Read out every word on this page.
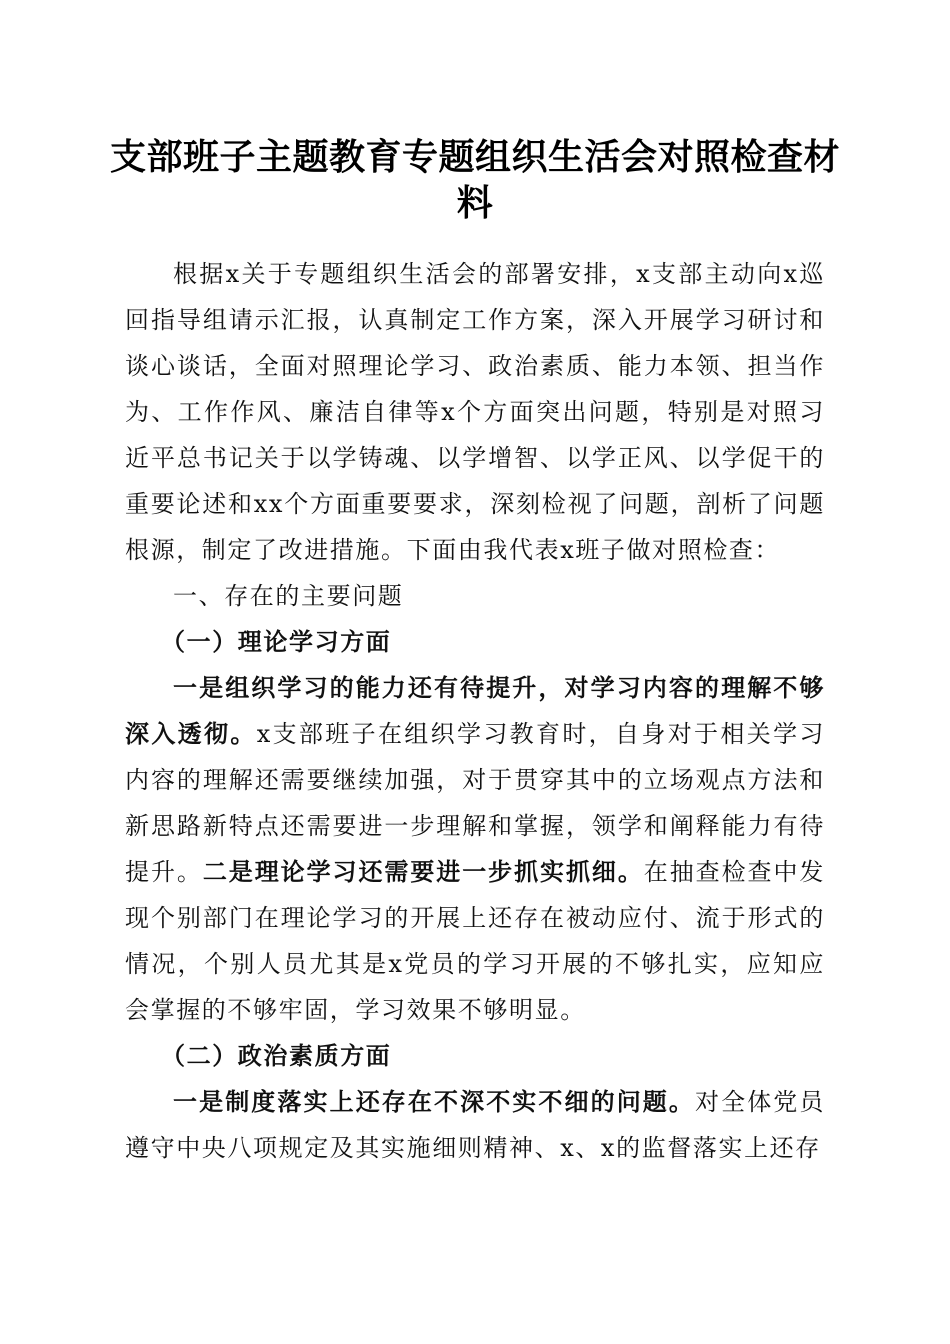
支部班子主题教育专题组织生活会对照检查材料

根据x关于专题组织生活会的部署安排，x支部主动向x巡回指导组请示汇报，认真制定工作方案，深入开展学习研讨和谈心谈话，全面对照理论学习、政治素质、能力本领、担当作为、工作作风、廉洁自律等x个方面突出问题，特别是对照习近平总书记关于以学铸魂、以学增智、以学正风、以学促干的重要论述和xx个方面重要要求，深刻检视了问题，剖析了问题根源，制定了改进措施。下面由我代表x班子做对照检查：

一、存在的主要问题

（一）理论学习方面

一是组织学习的能力还有待提升，对学习内容的理解不够深入透彻。x支部班子在组织学习教育时，自身对于相关学习内容的理解还需要继续加强，对于贯穿其中的立场观点方法和新思路新特点还需要进一步理解和掌握，领学和阐释能力有待提升。二是理论学习还需要进一步抓实抓细。在抽查检查中发现个别部门在理论学习的开展上还存在被动应付、流于形式的情况，个别人员尤其是x党员的学习开展的不够扎实，应知应会掌握的不够牢固，学习效果不够明显。

（二）政治素质方面

一是制度落实上还存在不深不实不细的问题。对全体党员遵守中央八项规定及其实施细则精神、x、x的监督落实上还存
